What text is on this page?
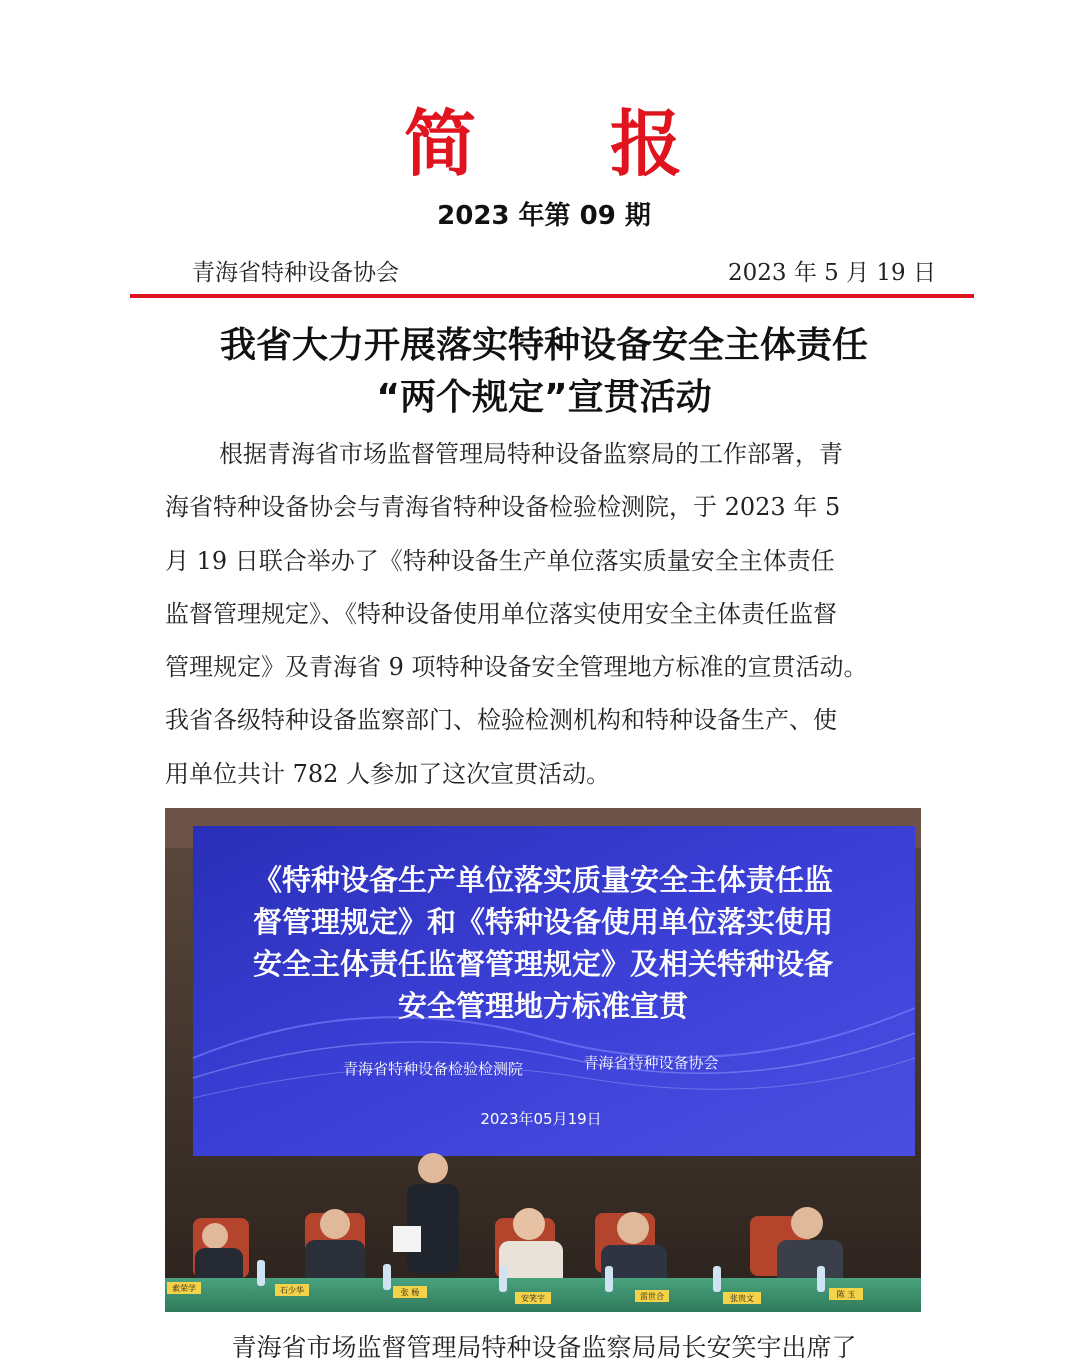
简 报
2023 年第 09 期
青海省特种设备协会	2023 年 5 月 19 日
我省大力开展落实特种设备安全主体责任
“两个规定”宣贯活动
根据青海省市场监督管理局特种设备监察局的工作部署，青
海省特种设备协会与青海省特种设备检验检测院，于 2023 年 5
月 19 日联合举办了《特种设备生产单位落实质量安全主体责任
监督管理规定》、《特种设备使用单位落实使用安全主体责任监督
管理规定》及青海省 9 项特种设备安全管理地方标准的宣贯活动。
我省各级特种设备监察部门、检验检测机构和特种设备生产、使
用单位共计 782 人参加了这次宣贯活动。
《特种设备生产单位落实质量安全主体责任监
督管理规定》和《特种设备使用单位落实使用
安全主体责任监督管理规定》及相关特种设备
安全管理地方标准宣贯
青海省特种设备检验检测院	青海省特种设备协会
2023年05月19日
索荣学	石少华	张 杨
安笑宇	雷世合	张贵文	陈 玉
青海省市场监督管理局特种设备监察局局长安笑宇出席了
